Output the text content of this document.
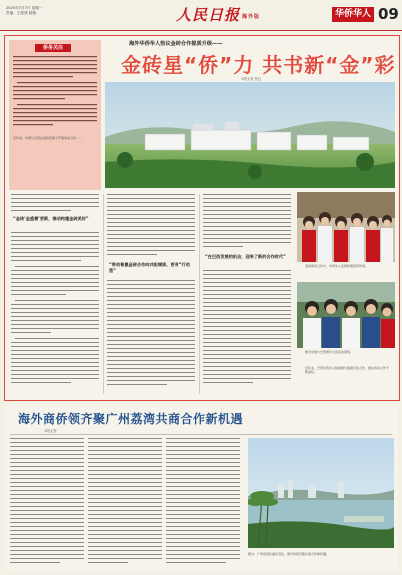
2025年7月7日 星期一
责编：王燕燕 邮箱：	人民日报 海外版	华侨华人 09
侨务关注
近年来，中国与巴西在金砖机制下开展务实合作……
海外华侨华人热议金砖合作提质升级——
金砖星“侨”力 共书新“金”彩
本报记者 张红
“金砖‘金盛着’更新，推动构建金砖美好”
“带动普惠金砖合作向共担增质、更有“行动派”
“在巴西发展的机会，迎来了新的合作时代”
金砖国家合作中，华侨华人发挥桥梁纽带作用。
图为中国与巴西青年交流活动现场。
近年来，巴西华侨华人积极参与两国交流合作，推动务实合作不断深化。
海外商侨领齐聚广州荔湾共商合作新机遇
本报记者
图为：广州荔湾区湖光景色，海外侨领齐聚共商合作新机遇。
